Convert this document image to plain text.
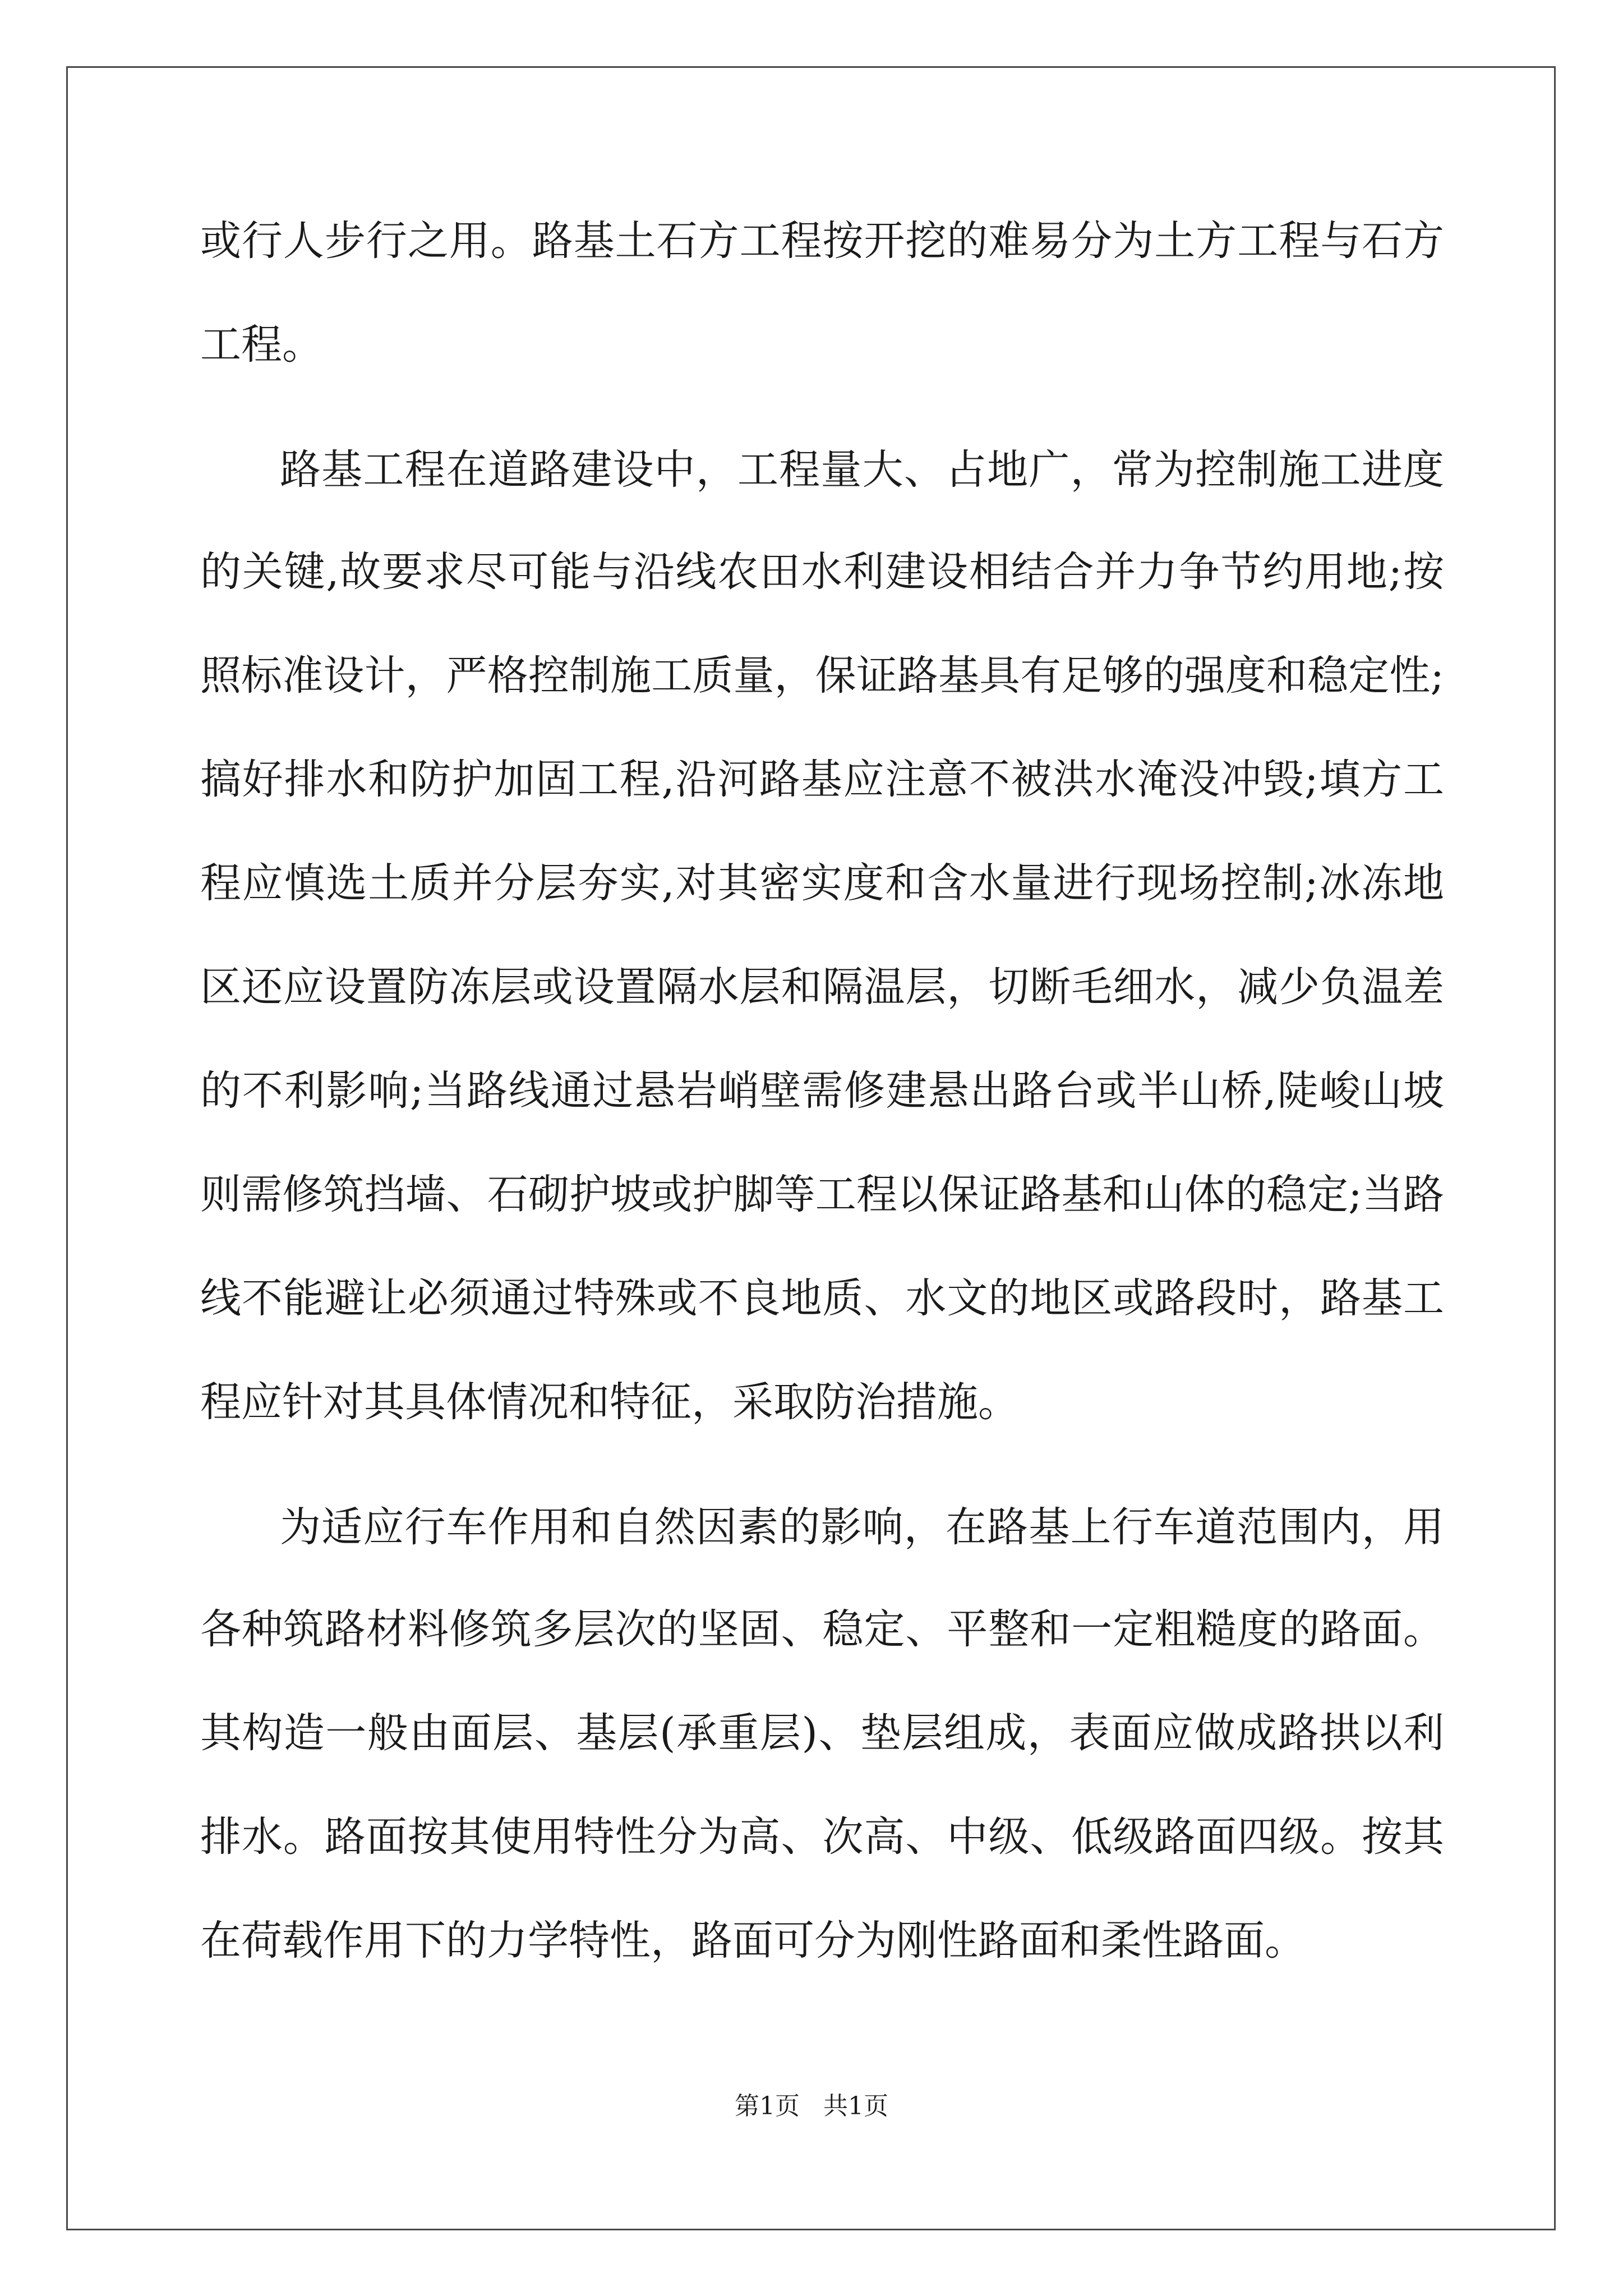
或行人步行之用。路基土石方工程按开挖的难易分为土方工程与石方
工程。
路基工程在道路建设中，工程量大、占地广，常为控制施工进度
的关键,故要求尽可能与沿线农田水利建设相结合并力争节约用地;按
照标准设计，严格控制施工质量，保证路基具有足够的强度和稳定性;
搞好排水和防护加固工程,沿河路基应注意不被洪水淹没冲毁;填方工
程应慎选土质并分层夯实,对其密实度和含水量进行现场控制;冰冻地
区还应设置防冻层或设置隔水层和隔温层，切断毛细水，减少负温差
的不利影响;当路线通过悬岩峭壁需修建悬出路台或半山桥,陡峻山坡
则需修筑挡墙、石砌护坡或护脚等工程以保证路基和山体的稳定;当路
线不能避让必须通过特殊或不良地质、水文的地区或路段时，路基工
程应针对其具体情况和特征，采取防治措施。
为适应行车作用和自然因素的影响，在路基上行车道范围内，用
各种筑路材料修筑多层次的坚固、稳定、平整和一定粗糙度的路面。
其构造一般由面层、基层(承重层)、垫层组成，表面应做成路拱以利
排水。路面按其使用特性分为高、次高、中级、低级路面四级。按其
在荷载作用下的力学特性，路面可分为刚性路面和柔性路面。
第1页   共1页
